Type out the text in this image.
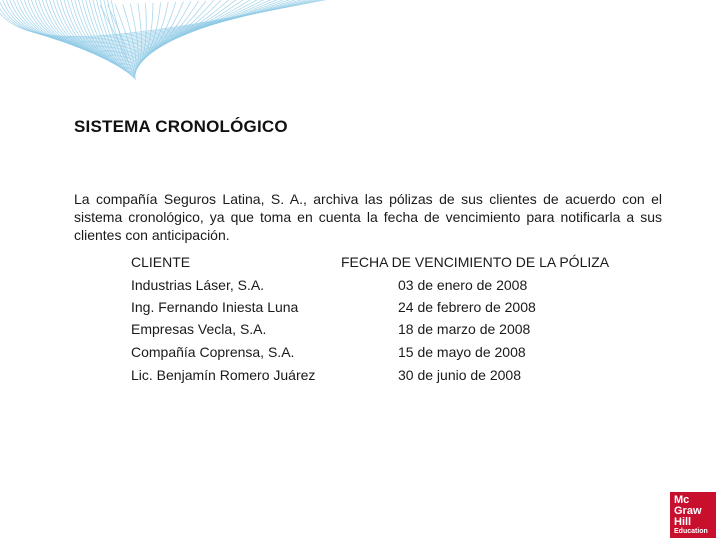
SISTEMA CRONOLÓGICO
La compañía Seguros Latina, S. A., archiva las pólizas de sus clientes de acuerdo con el sistema cronológico, ya que toma en cuenta la fecha de vencimiento para notificarla a sus clientes con anticipación.
CLIENTE	FECHA DE VENCIMIENTO DE LA PÓLIZA
Industrias Láser, S.A.	03 de enero de 2008
Ing. Fernando Iniesta Luna	24 de febrero de 2008
Empresas Vecla, S.A.	18 de marzo de 2008
Compañía Coprensa, S.A.	15 de mayo de 2008
Lic. Benjamín Romero Juárez	30 de junio de 2008
Mc
Graw
Hill
Education
